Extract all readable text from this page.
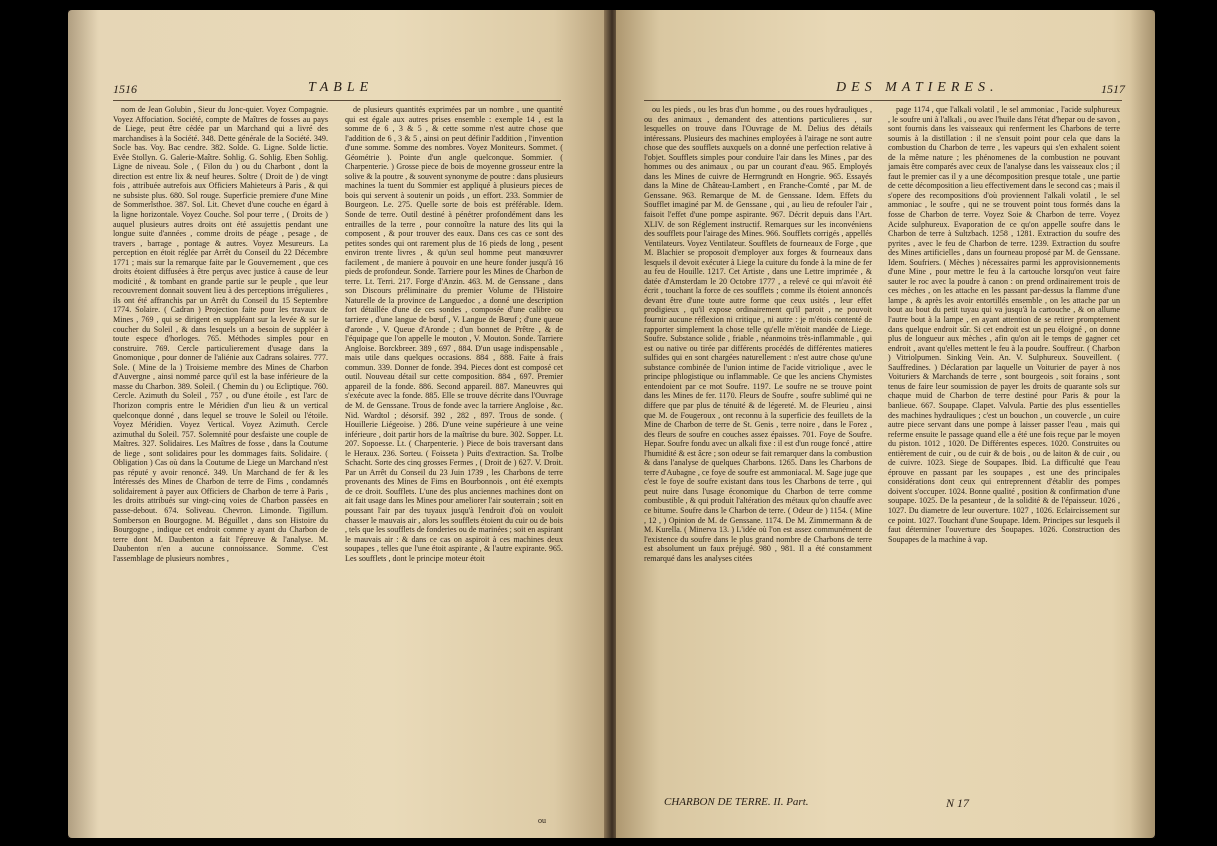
1516	TABLE

nom de Jean Golubin , Sieur du Jonc-quier. Voyez Compagnie. Voyez Affociation. Société, compte de Maîtres de fosses au pays de Liege, peut être cédée par un Marchand qui a livré des marchandises à la Société. 348. Dette générale de la Société. 349. Socle bas. Voy. Bac cendre. 382. Solde. G. Ligne. Solde lictie. Evêe Stollyn. G. Galerie-Maître. Sohlig. G. Sohlig. Eben Sohlig. Ligne de niveau. Sole , ( Filon du ) ou du Charbont , dont la direction est entre lix & neuf heures. Soltre ( Droit de ) de vingt fois , attribuée autrefois aux Officiers Mahieteurs à Paris , & qui ne subsiste plus. 680. Sol rouge. Superficie premiere d'une Mine de Sommerlsthoe. 387. Sol. Lit. Chevet d'une couche en égard à la ligne horizontale. Voyez Couche. Sol pour terre , ( Droits de ) auquel plusieurs autres droits ont été assujettis pendant une longue suite d'années , comme droits de péage , pesage , de travers , barrage , pontage & autres. Voyez Mesureurs. La perception en étoit réglée par Arrêt du Conseil du 22 Décembre 1771 ; mais sur la remarque faite par le Gouvernement , que ces droits étoient diffusées à être perçus avec justice à cause de leur modicité , & tombant en grande partie sur le peuple , que leur recouvrement donnait souvent lieu à des perceptions irrégulieres , ils ont été affranchis par un Arrêt du Conseil du 15 Septembre 1774. Solaire. ( Cadran ) Projection faite pour les travaux de Mines , 769 , qui se dirigent en suppléant sur la levée & sur le coucher du Soleil , & dans lesquels un a besoin de suppléer à toute espece d'horloges. 765. Méthodes simples pour en construire. 769. Cercle particulierement d'usage dans la Gnomonique , pour donner de l'aliénie aux Cadrans solaires. 777. Sole. ( Mine de la ) Troisieme membre des Mines de Charbon d'Auvergne , ainsi nommé parce qu'il est la base inférieure de la masse du Charbon. 389. Soleil. ( Chemin du ) ou Ecliptique. 760. Cercle. Azimuth du Soleil , 757 , ou d'une étoile , est l'arc de l'horizon compris entre le Méridien d'un lieu & un vertical quelconque donné , dans lequel se trouve le Soleil ou l'étoile. Voyez Méridien. Voyez Vertical. Voyez Azimuth. Cercle azimuthal du Soleil. 757. Solemnité pour desfaiste une couple de Maîtres. 327. Solidaires. Les Maîtres de fosse , dans la Coutume de liege , sont solidaires pour les dommages faits. Solidaire. ( Obligation ) Cas où dans la Coutume de Liege un Marchand n'est pas réputé y avoir renoncé. 349. Un Marchand de fer & les Intéressés des Mines de Charbon de terre de Fims , condamnés solidairement à payer aux Officiers de Charbon de terre à Paris , les droits attribués sur vingt-cinq voies de Charbon passées en passe-debout. 674. Soliveau. Chevron. Limonde. Tigillum. Somberson en Bourgogne. M. Béguillet , dans son Histoire du Bourgogne , indique cet endroit comme y ayant du Charbon de terre dont M. Daubenton a fait l'épreuve & l'analyse. M. Daubenton n'en a aucune connoissance. Somme. C'est l'assemblage de plusieurs nombres ,

de plusieurs quantités exprimées par un nombre , une quantité qui est égale aux autres prises ensemble : exemple 14 , est la somme de 6 , 3 & 5 , & cette somme n'est autre chose que l'addition de 6 , 3 & 5 , ainsi on peut définir l'addition , l'invention d'une somme. Somme des nombres. Voyez Moniteurs. Sommet. ( Géométrie ). Pointe d'un angle quelconque. Sommier. ( Charpenterie. ) Grosse piece de bois de moyenne grosseur entre la solive & la poutre , & souvent synonyme de poutre : dans plusieurs machines la tuent du Sommier est appliqué à plusieurs pieces de bois qui servent à soutenir un poids , un effort. 233. Sommier de Bourgeon. Le. 275. Quelle sorte de bois est préférable. Idem. Sonde de terre. Outil destiné à pénétrer profondément dans les entrailles de la terre , pour connoître la nature des lits qui la composent , & pour trouver des eaux. Dans ces cas ce sont des petites sondes qui ont rarement plus de 16 pieds de long , pesent environ trente livres , & qu'un seul homme peut manœuvrer facilement , de maniere à pouvoir en une heure fonder jusqu'à 16 pieds de profondeur. Sonde. Tarriere pour les Mines de Charbon de terre. Lt. Terri. 217. Forge d'Anzin. 463. M. de Genssane , dans son Discours préliminaire du premier Volume de l'Histoire Naturelle de la province de Languedoc , a donné une description fort détaillée d'une de ces sondes , composée d'une calibre ou tarriere , d'une langue de bœuf , V. Langue de Bœuf ; d'une queue d'aronde , V. Queue d'Aronde ; d'un bonnet de Prêtre , & de l'équipage que l'on appelle le mouton , V. Mouton. Sonde. Tarriere Angloise. Borckbreer. 389 , 697 , 884. D'un usage indispensable , mais utile dans quelques occasions. 884 , 888. Faite à frais commun. 339. Donner de fonde. 394. Pieces dont est composé cet outil. Nouveau détail sur cette composition. 884 , 697. Premier appareil de la fonde. 886. Second appareil. 887. Maneuvres qui s'exécute avec la fonde. 885. Elle se trouve décrite dans l'Ouvrage de M. de Genssane. Trous de fonde avec la tarriere Angloise , &c. Nid. Wardtol ; désorsif. 392 , 282 , 897. Trous de sonde. ( Houillerie Liégeoise. ) 286. D'une veine supérieure à une veine inférieure , doit partir hors de la maîtrise du bure. 302. Sopper. Lt. 207. Sopoesse. Lt. ( Charpenterie. ) Piece de bois traversant dans le Heraux. 236. Sorteu. ( Foisseta ) Puits d'extraction. Sa. Trolbe Schacht. Sorte des cinq grosses Fermes , ( Droit de ) 627. V. Droit. Par un Arrêt du Conseil du 23 Juin 1739 , les Charbons de terre provenants des Mines de Fims en Bourbonnois , ont été exempts de ce droit. Soufflets. L'une des plus anciennes machines dont on ait fait usage dans les Mines pour ameliorer l'air souterrain ; soit en poussant l'air par des tuyaux jusqu'à l'endroit d'où on vouloit chasser le mauvais air , alors les soufflets étoient du cuir ou de bois , tels que les soufflets de fonderies ou de marinées ; soit en aspirant le mauvais air : & dans ce cas on aspiroit à ces machines deux soupapes , telles que l'une étoit aspirante , & l'autre expirante. 965. Les soufflets , dont le principe moteur étoit

ou
DES MATIERES.	1517

ou les pieds , ou les bras d'un homme , ou des roues hydrauliques , ou des animaux , demandent des attentions particulieres , sur lesquelles on trouve dans l'Ouvrage de M. Delius des détails intéressans. Plusieurs des machines employées à l'airage ne sont autre chose que des soufflets auxquels on a donné une perfection relative à l'objet. Soufflets simples pour conduire l'air dans les Mines , par des hommes ou des animaux , ou par un courant d'eau. 965. Employés dans les Mines de cuivre de Herrngrundt en Hongrie. 965. Essayés dans la Mine de Château-Lambert , en Franche-Comté , par M. de Genssane. 963. Remarque de M. de Genssane. Idem. Effets du Soufflet imaginé par M. de Genssane , qui , au lieu de refouler l'air , faisoit l'effet d'une pompe aspirante. 967. Décrit depuis dans l'Art. XLIV. de son Réglement instructif. Remarques sur les inconvéniens des soufflets pour l'airage des Mines. 966. Soufflets corrigés , appellés Ventilateurs. Voyez Ventilateur. Soufflets de fourneaux de Forge , que M. Blachier se proposoit d'employer aux forges & fourneaux dans lesquels il devoit exécuter à Liege la cuiture du fonde à la mine de fer au feu de Houille. 1217. Cet Artiste , dans une Lettre imprimée , & datée d'Amsterdam le 20 Octobre 1777 , a relevé ce qui m'avoit été écrit , touchant la force de ces soufflets ; comme ils étoient annoncés devant être d'une toute autre forme que ceux usités , leur effet prodigieux , qu'il expose ordinairement qu'il paroit , ne pouvoit fournir aucune réflexion ni critique , ni autre : je m'étois contenté de rapporter simplement la chose telle qu'elle m'étoit mandée de Liege. Soufre. Substance solide , friable , néanmoins très-inflammable , qui est ou native ou tirée par différents procédés de différentes matieres sulfides qui en sont chargées naturellement : n'est autre chose qu'une substance combinée de l'union intime de l'acide vitriolique , avec le principe phlogistique ou inflammable. Ce que les anciens Chymistes entendoient par ce mot Soufre. 1197. Le soufre ne se trouve point dans les Mines de fer. 1170. Fleurs de Soufre , soufre sublimé qui ne differe que par plus de ténuité & de légereté. M. de Fleurieu , ainsi que M. de Fougeroux , ont reconnu à la superficie des feuillets de la Mine de Charbon de terre de St. Genis , terre noire , dans le Forez , des fleurs de soufre en couches assez épaisses. 701. Foye de Soufre. Hepar. Soufre fondu avec un alkali fixe : il est d'un rouge foncé , attire l'humidité & est âcre ; son odeur se fait remarquer dans la combustion & dans l'analyse de quelques Charbons. 1265. Dans les Charbons de terre d'Aubagne , ce foye de soufre est ammoniacal. M. Sage juge que c'est le foye de soufre existant dans tous les Charbons de terre , qui peut nuire dans l'usage économique du Charbon de terre comme combustible , & qui produit l'altération des métaux qu'on chauffe avec ce bitume. Soufre dans le Charbon de terre. ( Odeur de ) 1154. ( Mine , 12 , ) Opinion de M. de Genssane. 1174. De M. Zimmermann & de M. Kurella. ( Minerva 13. ) L'idée où l'on est assez communément de l'existence du soufre dans le plus grand nombre de Charbons de terre est absolument un faux préjugé. 980 , 981. Il a été constamment remarqué dans les analyses citées

page 1174 , que l'alkali volatil , le sel ammoniac , l'acide sulphureux , le soufre uni à l'alkali , ou avec l'huile dans l'état d'hepar ou de savon , sont fournis dans les vaisseaux qui renferment les Charbons de terre soumis à la distillation : il ne s'ensuit point pour cela que dans la combustion du Charbon de terre , les vapeurs qui s'en exhalent soient de la même nature ; les phénomenes de la combustion ne pouvant jamais être comparés avec ceux de l'analyse dans les vaisseaux clos ; il faut le premier cas il y a une décomposition presque totale , une partie de cette décomposition a lieu effectivement dans le second cas ; mais il s'opere des recompositions d'où proviennent l'alkali volatil , le sel ammoniac , le soufre , qui ne se trouvent point tous formés dans la fosse de Charbon de terre. Voyez Soie & Charbon de terre. Voyez Acide sulphureux. Evaporation de ce qu'on appelle soufre dans le Charbon de terre à Sultzbach. 1258 , 1281. Extraction du soufre des pyrites , avec le feu de Charbon de terre. 1239. Extraction du soufre des Mines artificielles , dans un fourneau proposé par M. de Genssane. Idem. Soufriers. ( Mèches ) nécessaires parmi les approvisionnements d'une Mine , pour mettre le feu à la cartouche lorsqu'on veut faire sauter le roc avec la poudre à canon : on prend ordinairement trois de ces mèches , on les attache en les passant par-dessus la flamme d'une lampe , & après les avoir entortillés ensemble , on les attache par un bout au bout du petit tuyau qui va jusqu'à la cartouche , & on allume l'autre bout à la lampe , en ayant attention de se retirer promptement dans quelque endroit sûr. Si cet endroit est un peu éloigné , on donne plus de longueur aux mèches , afin qu'on ait le temps de gagner cet endroit , avant qu'elles mettent le feu à la poudre. Souffreur. ( Charbon ) Vitriolpumen. Sinking Vein. An. V. Sulphureux. Souveillent. ( Sauffredines. ) Déclaration par laquelle un Voiturier de payer à nos Voituriers & Marchands de terre , sont bourgeois , soit forains , sont tenus de faire leur soumission de payer les droits de quarante sols sur chaque muid de Charbon de terre destiné pour Paris & pour la banlieue. 667. Soupape. Clapet. Valvula. Partie des plus essentielles des machines hydrauliques ; c'est un bouchon , un couvercle , un cuire autre piece servant dans une pompe à laisser passer l'eau , mais qui referme ensuite le passage quand elle a été une fois reçue par le moyen du piston. 1012 , 1020. De Différentes especes. 1020. Construites ou entièrement de cuir , ou de cuir & de bois , ou de laiton & de cuir , ou de cuivre. 1023. Siege de Soupapes. Ibid. La difficulté que l'eau éprouve en passant par les soupapes , est une des principales considérations dont ceux qui entreprennent d'établir des pompes doivent s'occuper. 1024. Bonne qualité , position & confirmation d'une soupape. 1025. De la pesanteur , de la solidité & de l'épaisseur. 1026 , 1027. Du diametre de leur ouverture. 1027 , 1026. Eclaircissement sur ce point. 1027. Touchant d'une Soupape. Idem. Principes sur lesquels il faut déterminer l'ouverture des Soupapes. 1026. Construction des Soupapes de la machine à vap.

CHARBON DE TERRE. II. Part.	N 17
